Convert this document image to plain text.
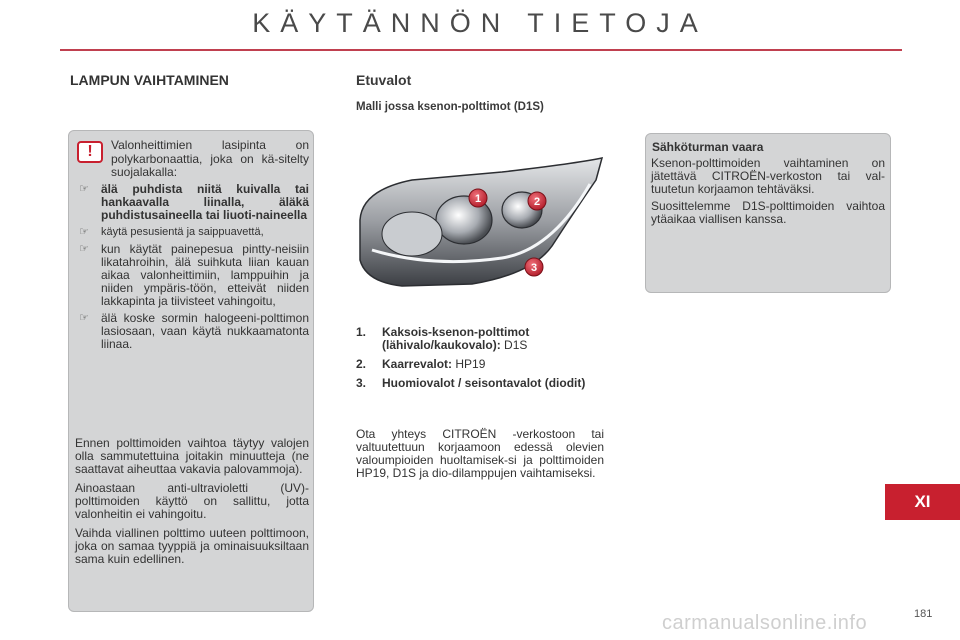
KÄYTÄNNÖN TIETOJA
LAMPUN VAIHTAMINEN	Etuvalot
Malli jossa ksenon-polttimot (D1S)
!	Valonheittimien lasipinta on polykarbonaattia, joka on kä-sitelty suojalakalla:
☞ älä puhdista niitä kuivalla tai hankaavalla liinalla, äläkä puhdistusaineella tai liuoti-naineella
☞ käytä pesusientä ja saippuavettä,
☞ kun käytät painepesua pintty-neisiin likatahroihin, älä suihkuta liian kauan aikaa valonheittimiin, lamppuihin ja niiden ympäris-töön, etteivät niiden lakkapinta ja tiivisteet vahingoitu,
☞ älä koske sormin halogeeni-polttimon lasiosaan, vaan käytä nukkaamatonta liinaa.

Ennen polttimoiden vaihtoa täytyy valojen olla sammutettuina joitakin minuutteja (ne saattavat aiheuttaa vakavia palovammoja).

Ainoastaan anti-ultravioletti (UV)-polttimoiden käyttö on sallittu, jotta valonheitin ei vahingoitu.

Vaihda viallinen polttimo uuteen polttimoon, joka on samaa tyyppiä ja ominaisuuksiltaan sama kuin edellinen.

1	2
3
1. Kaksois-ksenon-polttimot (lähivalo/kaukovalo): D1S
2. Kaarrevalot: HP19
3. Huomiovalot / seisontavalot (diodit)

Ota yhteys CITROËN -verkostoon tai valtuutettuun korjaamoon edessä olevien valoumpioiden huoltamisek-si ja polttimoiden HP19, D1S ja dio-dilamppujen vaihtamiseksi.

Sähköturman vaara

Ksenon-polttimoiden vaihtaminen on jätettävä CITROËN-verkoston tai val-tuutetun korjaamon tehtäväksi.

Suosittelemme D1S-polttimoiden vaihtoa ytäaikaa viallisen kanssa.

XI
carmanualsonline.info	181
